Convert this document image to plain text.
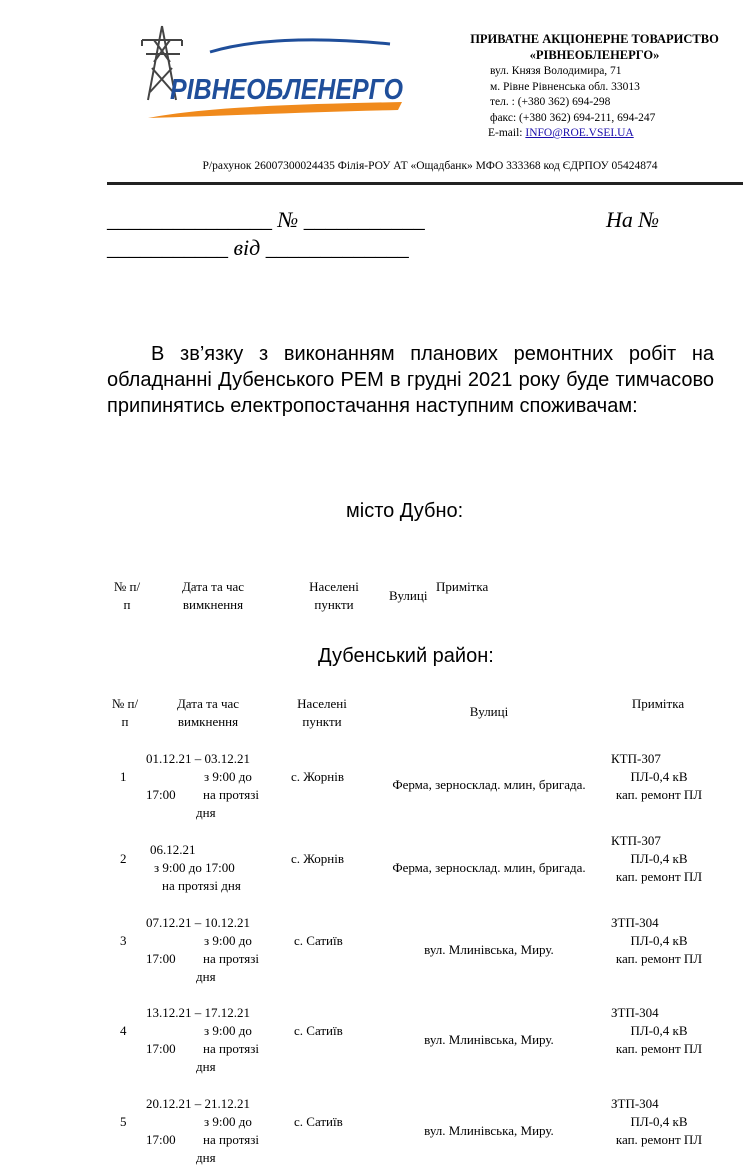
РІВНЕОБЛЕНЕРГО
ПРИВАТНЕ АКЦІОНЕРНЕ ТОВАРИСТВО
«РІВНЕОБЛЕНЕРГО»
вул. Князя Володимира, 71
м. Рівне Рівненська обл. 33013
тел. : (+380 362) 694-298
факс: (+380 362) 694-211, 694-247
E-mail: INFO@ROE.VSEI.UA
Р/рахунок 26007300024435 Філія-РОУ АТ «Ощадбанк» МФО 333368 код ЄДРПОУ 05424874
_______________ № ___________	На №
___________ від _____________
В зв’язку з виконанням планових ремонтних робіт на обладнанні Дубенського РЕМ в грудні 2021 року буде тимчасово припинятись електропостачання наступним споживачам:
місто Дубно:
№ п/
п
Дата та час
вимкнення
Населені
пункти
Вулиці
Примітка
Дубенський район:
№ п/
п
Дата та час
вимкнення
Населені
пункти
Вулиці
Примітка
1
01.12.21 – 03.12.21
з 9:00 до
17:00 на протязі
дня
с. Жорнів
Ферма, зерносклад. млин, бригада.
КТП-307
ПЛ-0,4 кВ
кап. ремонт ПЛ
2
06.12.21
з 9:00 до 17:00
на протязі дня
с. Жорнів
Ферма, зерносклад. млин, бригада.
КТП-307
ПЛ-0,4 кВ
кап. ремонт ПЛ
3
07.12.21 – 10.12.21
з 9:00 до
17:00 на протязі
дня
с. Сатиїв
вул. Млинівська, Миру.
ЗТП-304
ПЛ-0,4 кВ
кап. ремонт ПЛ
4
13.12.21 – 17.12.21
з 9:00 до
17:00 на протязі
дня
с. Сатиїв
вул. Млинівська, Миру.
ЗТП-304
ПЛ-0,4 кВ
кап. ремонт ПЛ
5
20.12.21 – 21.12.21
з 9:00 до
17:00 на протязі
дня
с. Сатиїв
вул. Млинівська, Миру.
ЗТП-304
ПЛ-0,4 кВ
кап. ремонт ПЛ
